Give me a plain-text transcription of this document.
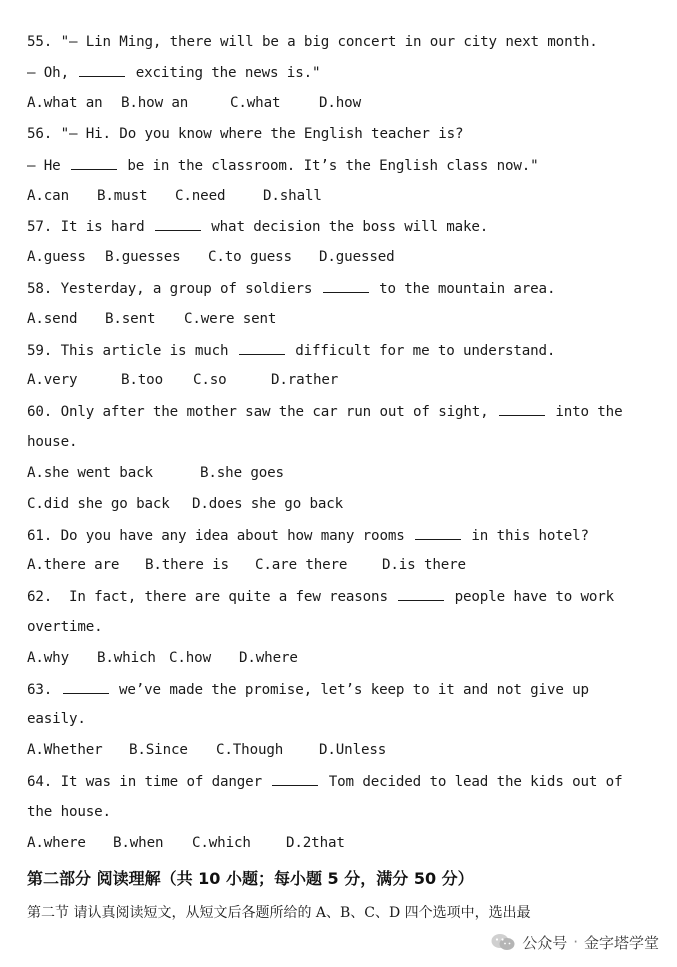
55. "— Lin Ming, there will be a big concert in our city next month.
— Oh,	exciting the news is."
A.what an B.how an	C.what	D.how
56. "— Hi. Do you know where the English teacher is?
— He	be in the classroom. It’s the English class now."
A.can B.must C.need	D.shall
57. It is hard	what decision the boss will make.
A.guess B.guesses C.to guess D.guessed
58. Yesterday, a group of soldiers	to the mountain area.
A.send B.sent C.were sent
59. This article is much	difficult for me to understand.
A.very	B.too C.so	D.rather
60. Only after the mother saw the car run out of sight,	into the
house.
A.she went back	B.she goes
C.did she go back D.does she go back
61. Do you have any idea about how many rooms	in this hotel?
A.there are B.there is C.are there D.is there
62.  In fact, there are quite a few reasons	people have to work
overtime.
A.why B.which C.how D.where
63.	we’ve made the promise, let’s keep to it and not give up
easily.
A.Whether B.Since C.Though	D.Unless
64. It was in time of danger	Tom decided to lead the kids out of
the house.
A.where B.when C.which D.2that
第二部分 阅读理解（共 10 小题；每小题 5 分，满分 50 分）
第二节 请认真阅读短文，从短文后各题所给的 A、B、C、D 四个选项中，选出最
公众号 · 金字塔学堂
